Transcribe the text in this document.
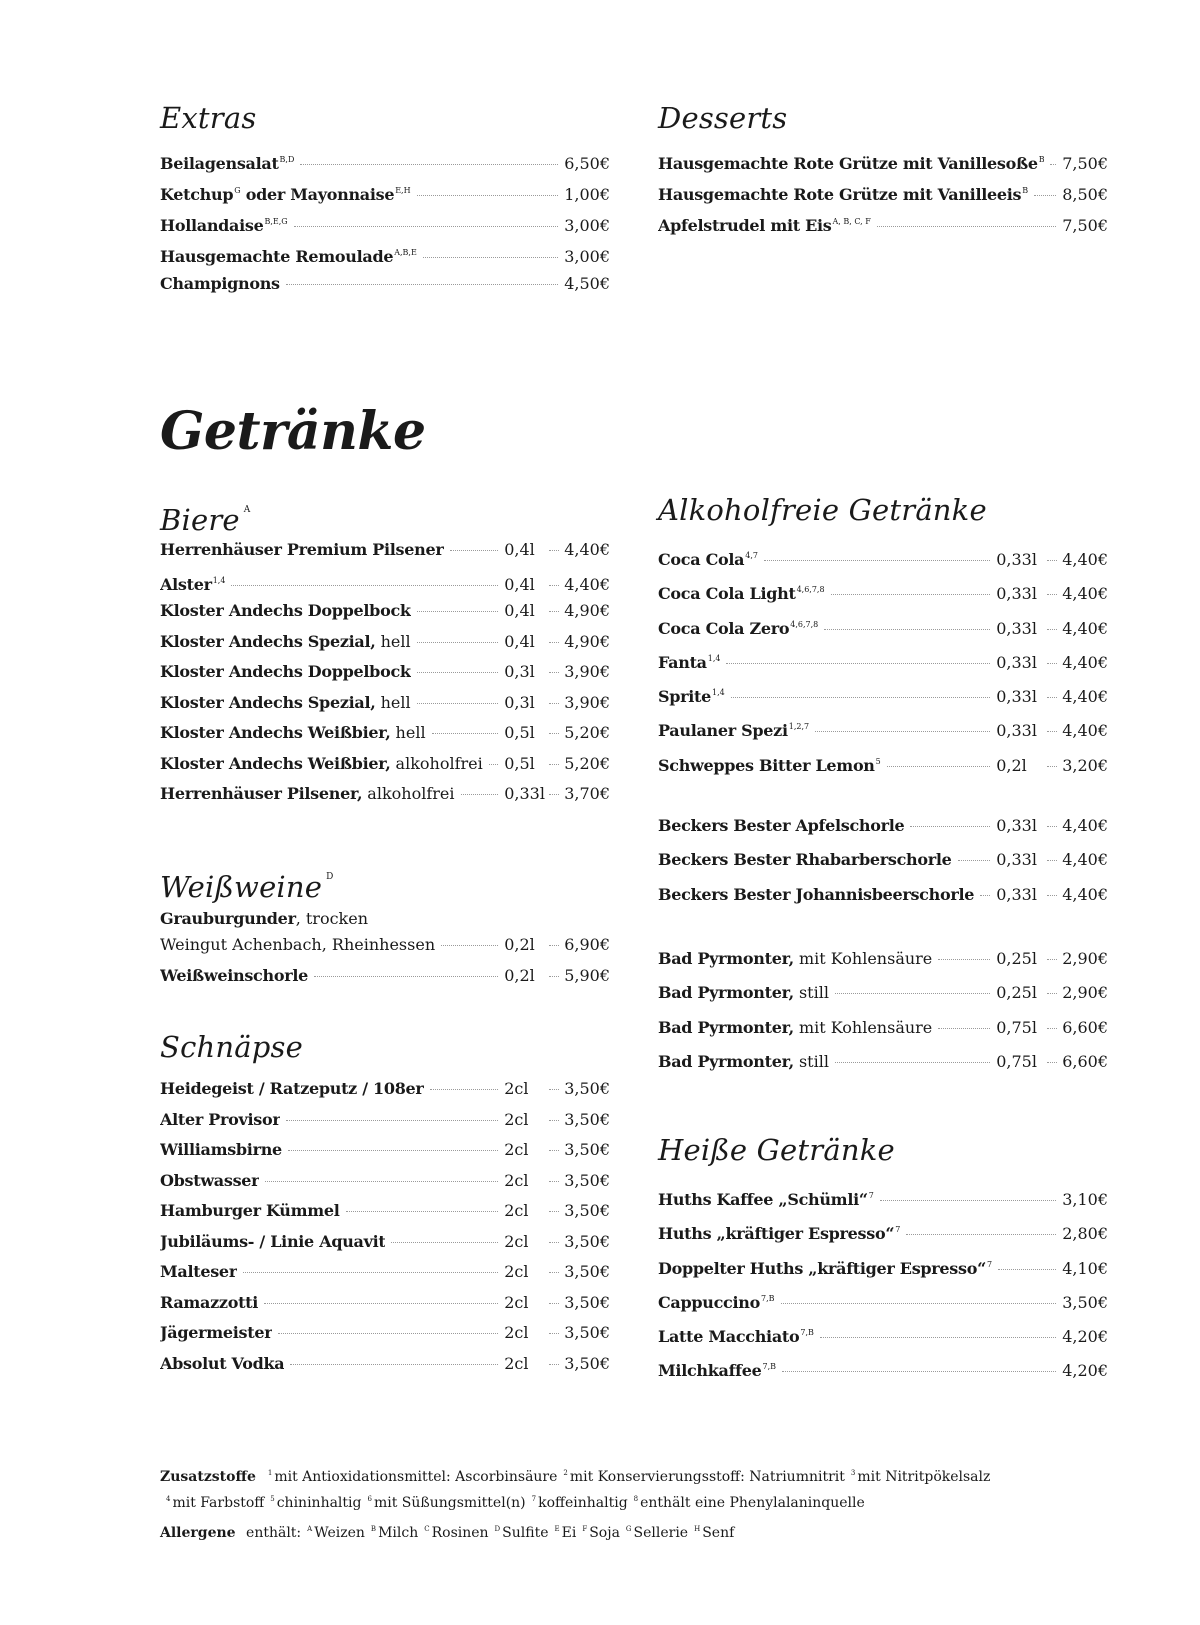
Extras
Beilagensalat$^{B,D}$	6,50€
Ketchup$^G$ oder Mayonnaise$^{E,H}$	1,00€
Hollandaise$^{B,E,G}$	3,00€
Hausgemachte Remoulade$^{A,B,E}$	3,00€
Champignons	4,50€
Desserts
Hausgemachte Rote Grütze mit Vanillesoße$^B$ 7,50€
Hausgemachte Rote Grütze mit Vanilleeis$^B$ 8,50€
Apfelstrudel mit Eis$^{A, B, C, F}$	7,50€
Getränke
Biere $^A$
Herrenhäuser Premium Pilsener	0,4l	4,40€
Alster$^{1,4}$	0,4l	4,40€
Kloster Andechs Doppelbock	0,4l	4,90€
Kloster Andechs Spezial, hell	0,4l	4,90€
Kloster Andechs Doppelbock	0,3l	3,90€
Kloster Andechs Spezial, hell	0,3l	3,90€
Kloster Andechs Weißbier, hell	0,5l	5,20€
Kloster Andechs Weißbier, alkoholfrei 0,5l	5,20€
Herrenhäuser Pilsener, alkoholfrei	0,33l 3,70€
Weißweine $^D$
Grauburgunder, trocken
Weingut Achenbach, Rheinhessen	0,2l	6,90€
Weißweinschorle	0,2l	5,90€
Schnäpse
Heidegeist / Ratzeputz / 108er	2cl	3,50€
Alter Provisor	2cl	3,50€
Williamsbirne	2cl	3,50€
Obstwasser	2cl	3,50€
Hamburger Kümmel	2cl	3,50€
Jubiläums- / Linie Aquavit	2cl	3,50€
Malteser	2cl	3,50€
Ramazzotti	2cl	3,50€
Jägermeister	2cl	3,50€
Absolut Vodka	2cl	3,50€
Alkoholfreie Getränke
Coca Cola$^{4,7}$	0,33l	4,40€
Coca Cola Light$^{4,6,7,8}$	0,33l	4,40€
Coca Cola Zero$^{4,6,7,8}$	0,33l	4,40€
Fanta$^{1,4}$	0,33l	4,40€
Sprite$^{1,4}$	0,33l	4,40€
Paulaner Spezi$^{1,2,7}$	0,33l	4,40€
Schweppes Bitter Lemon$^5$	0,2l	3,20€
Beckers Bester Apfelschorle	0,33l	4,40€
Beckers Bester Rhabarberschorle	0,33l	4,40€
Beckers Bester Johannisbeerschorle 0,33l	4,40€
Bad Pyrmonter, mit Kohlensäure	0,25l	2,90€
Bad Pyrmonter, still	0,25l	2,90€
Bad Pyrmonter, mit Kohlensäure	0,75l	6,60€
Bad Pyrmonter, still	0,75l	6,60€
Heiße Getränke
Huths Kaffee „Schümli“$^7$	3,10€
Huths „kräftiger Espresso“$^7$	2,80€
Doppelter Huths „kräftiger Espresso“$^7$	4,10€
Cappuccino$^{7,B}$	3,50€
Latte Macchiato$^{7,B}$	4,20€
Milchkaffee$^{7,B}$	4,20€

Zusatzstoffe $^1$ mit Antioxidationsmittel: Ascorbinsäure $^2$ mit Konservierungsstoff: Natriumnitrit $^3$ mit Nitritpökelsalz

$^4$ mit Farbstoff $^5$ chininhaltig $^6$ mit Süßungsmittel(n) $^7$ koffeinhaltig $^8$ enthält eine Phenylalaninquelle

Allergene enthält: $^A$ Weizen $^B$ Milch $^C$ Rosinen $^D$ Sulfite $^E$ Ei $^F$ Soja $^G$ Sellerie $^H$ Senf
